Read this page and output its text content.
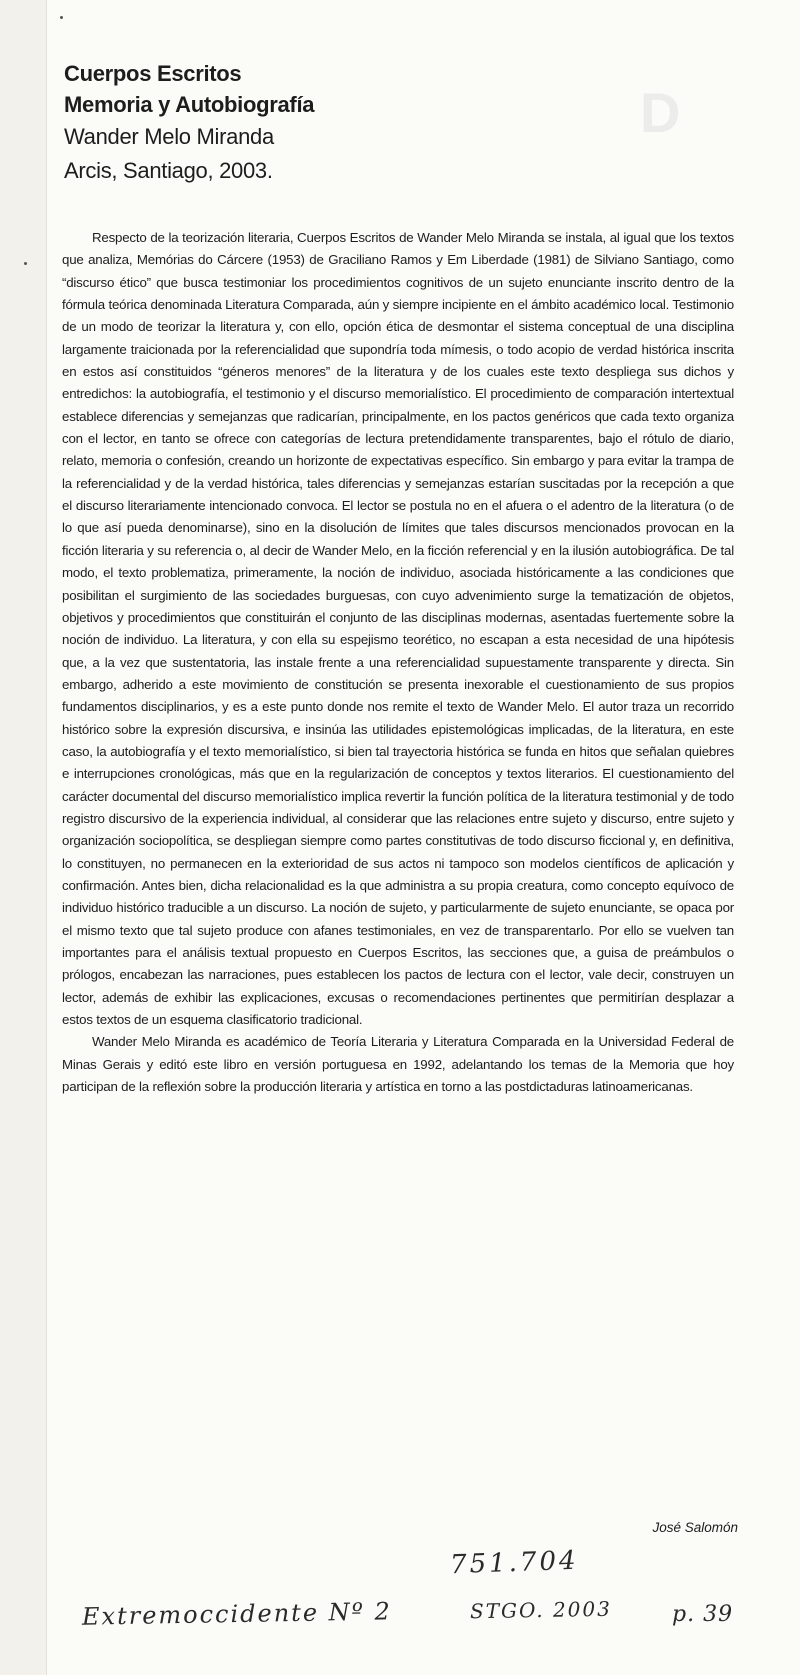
D
Cuerpos Escritos
Memoria y Autobiografía
Wander Melo Miranda
Arcis, Santiago, 2003.

Respecto de la teorización literaria, Cuerpos Escritos de Wander Melo Miranda se instala, al igual que los textos que analiza, Memórias do Cárcere (1953) de Graciliano Ramos y Em Liberdade (1981) de Silviano Santiago, como “discurso ético” que busca testimoniar los procedimientos cognitivos de un sujeto enunciante inscrito dentro de la fórmula teórica denominada Literatura Comparada, aún y siempre incipiente en el ámbito académico local. Testimonio de un modo de teorizar la literatura y, con ello, opción ética de desmontar el sistema conceptual de una disciplina largamente traicionada por la referencialidad que supondría toda mímesis, o todo acopio de verdad histórica inscrita en estos así constituidos “géneros menores” de la literatura y de los cuales este texto despliega sus dichos y entredichos: la autobiografía, el testimonio y el discurso memorialístico. El procedimiento de comparación intertextual establece diferencias y semejanzas que radicarían, principalmente, en los pactos genéricos que cada texto organiza con el lector, en tanto se ofrece con categorías de lectura pretendidamente transparentes, bajo el rótulo de diario, relato, memoria o confesión, creando un horizonte de expectativas específico. Sin embargo y para evitar la trampa de la referencialidad y de la verdad histórica, tales diferencias y semejanzas estarían suscitadas por la recepción a que el discurso literariamente intencionado convoca. El lector se postula no en el afuera o el adentro de la literatura (o de lo que así pueda denominarse), sino en la disolución de límites que tales discursos mencionados provocan en la ficción literaria y su referencia o, al decir de Wander Melo, en la ficción referencial y en la ilusión autobiográfica. De tal modo, el texto problematiza, primeramente, la noción de individuo, asociada históricamente a las condiciones que posibilitan el surgimiento de las sociedades burguesas, con cuyo advenimiento surge la tematización de objetos, objetivos y procedimientos que constituirán el conjunto de las disciplinas modernas, asentadas fuertemente sobre la noción de individuo. La literatura, y con ella su espejismo teorético, no escapan a esta necesidad de una hipótesis que, a la vez que sustentatoria, las instale frente a una referencialidad supuestamente transparente y directa. Sin embargo, adherido a este movimiento de constitución se presenta inexorable el cuestionamiento de sus propios fundamentos disciplinarios, y es a este punto donde nos remite el texto de Wander Melo. El autor traza un recorrido histórico sobre la expresión discursiva, e insinúa las utilidades epistemológicas implicadas, de la literatura, en este caso, la autobiografía y el texto memorialístico, si bien tal trayectoria histórica se funda en hitos que señalan quiebres e interrupciones cronológicas, más que en la regularización de conceptos y textos literarios. El cuestionamiento del carácter documental del discurso memorialístico implica revertir la función política de la literatura testimonial y de todo registro discursivo de la experiencia individual, al considerar que las relaciones entre sujeto y discurso, entre sujeto y organización sociopolítica, se despliegan siempre como partes constitutivas de todo discurso ficcional y, en definitiva, lo constituyen, no permanecen en la exterioridad de sus actos ni tampoco son modelos científicos de aplicación y confirmación. Antes bien, dicha relacionalidad es la que administra a su propia creatura, como concepto equívoco de individuo histórico traducible a un discurso. La noción de sujeto, y particularmente de sujeto enunciante, se opaca por el mismo texto que tal sujeto produce con afanes testimoniales, en vez de transparentarlo. Por ello se vuelven tan importantes para el análisis textual propuesto en Cuerpos Escritos, las secciones que, a guisa de preámbulos o prólogos, encabezan las narraciones, pues establecen los pactos de lectura con el lector, vale decir, construyen un lector, además de exhibir las explicaciones, excusas o recomendaciones pertinentes que permitirían desplazar a estos textos de un esquema clasificatorio tradicional.

Wander Melo Miranda es académico de Teoría Literaria y Literatura Comparada en la Universidad Federal de Minas Gerais y editó este libro en versión portuguesa en 1992, adelantando los temas de la Memoria que hoy participan de la reflexión sobre la producción literaria y artística en torno a las postdictaduras latinoamericanas.

José Salomón
751.704
Extremoccidente Nº 2	STGO. 2003	p. 39
